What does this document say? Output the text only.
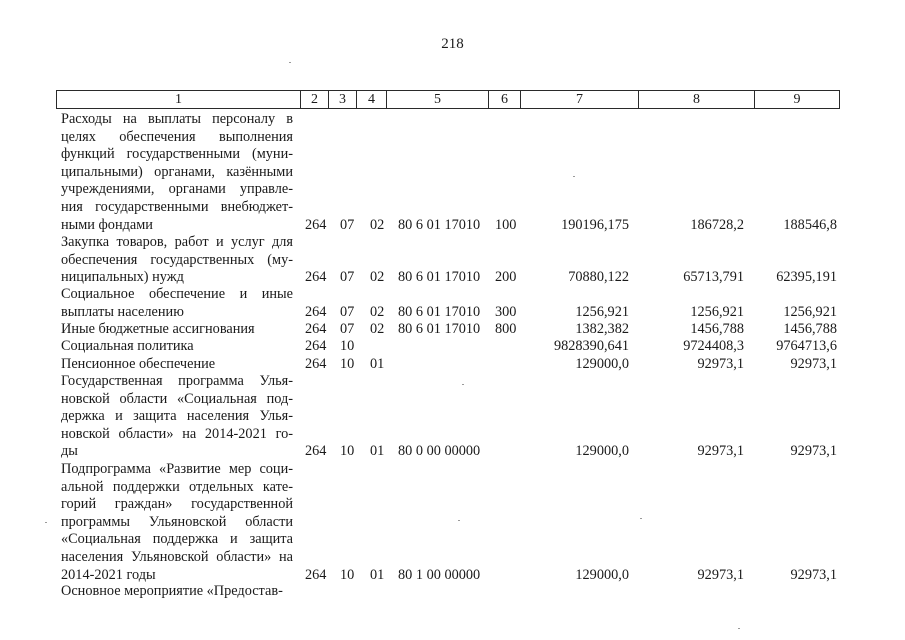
218
1	2	3	4	5	6	7	8	9
Расходы на выплаты персоналу в
целях обеспечения выполнения
функций государственными (муни-
ципальными) органами, казёнными
учреждениями, органами управле-
ния государственными внебюджет-
ными фондами	264 07 02 80 6 01 17010 100	190196,175	186728,2	188546,8
Закупка товаров, работ и услуг для
обеспечения государственных (му-
ниципальных) нужд	264 07 02 80 6 01 17010 200	70880,122	65713,791 62395,191
Социальное обеспечение и иные
выплаты населению	264 07 02 80 6 01 17010 300	1256,921	1256,921	1256,921
Иные бюджетные ассигнования	264 07 02 80 6 01 17010 800	1382,382	1456,788	1456,788
Социальная политика	264 10	9828390,641	9724408,3 9764713,6
Пенсионное обеспечение	264 10 01	129000,0	92973,1	92973,1
Государственная программа Улья-
новской области «Социальная под-
держка и защита населения Улья-
новской области» на 2014-2021 го-
ды	264 10 01 80 0 00 00000	129000,0	92973,1	92973,1
Подпрограмма «Развитие мер соци-
альной поддержки отдельных кате-
горий граждан» государственной
программы Ульяновской области
«Социальная поддержка и защита
населения Ульяновской области» на
2014-2021 годы	264 10 01 80 1 00 00000	129000,0	92973,1	92973,1
Основное мероприятие «Предостав-
